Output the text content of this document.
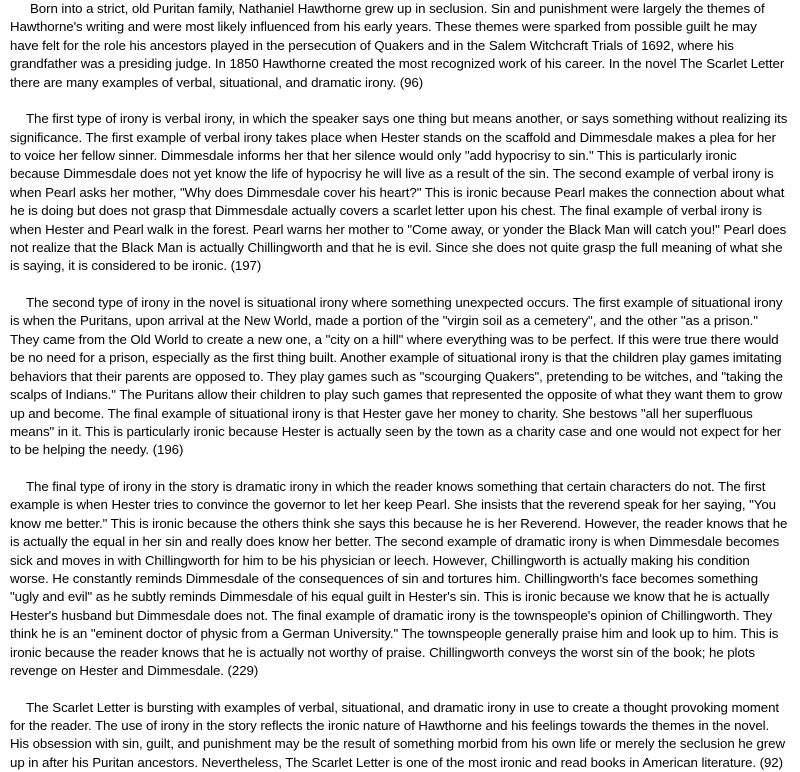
Born into a strict, old Puritan family, Nathaniel Hawthorne grew up in seclusion. Sin and punishment were largely the themes of Hawthorne's writing and were most likely influenced from his early years. These themes were sparked from possible guilt he may have felt for the role his ancestors played in the persecution of Quakers and in the Salem Witchcraft Trials of 1692, where his grandfather was a presiding judge. In 1850 Hawthorne created the most recognized work of his career. In the novel The Scarlet Letter there are many examples of verbal, situational, and dramatic irony. (96)

The first type of irony is verbal irony, in which the speaker says one thing but means another, or says something without realizing its significance. The first example of verbal irony takes place when Hester stands on the scaffold and Dimmesdale makes a plea for her to voice her fellow sinner. Dimmesdale informs her that her silence would only "add hypocrisy to sin." This is particularly ironic because Dimmesdale does not yet know the life of hypocrisy he will live as a result of the sin. The second example of verbal irony is when Pearl asks her mother, "Why does Dimmesdale cover his heart?" This is ironic because Pearl makes the connection about what he is doing but does not grasp that Dimmesdale actually covers a scarlet letter upon his chest. The final example of verbal irony is when Hester and Pearl walk in the forest. Pearl warns her mother to "Come away, or yonder the Black Man will catch you!" Pearl does not realize that the Black Man is actually Chillingworth and that he is evil. Since she does not quite grasp the full meaning of what she is saying, it is considered to be ironic. (197)

The second type of irony in the novel is situational irony where something unexpected occurs. The first example of situational irony is when the Puritans, upon arrival at the New World, made a portion of the "virgin soil as a cemetery", and the other "as a prison." They came from the Old World to create a new one, a "city on a hill" where everything was to be perfect. If this were true there would be no need for a prison, especially as the first thing built. Another example of situational irony is that the children play games imitating behaviors that their parents are opposed to. They play games such as "scourging Quakers", pretending to be witches, and "taking the scalps of Indians." The Puritans allow their children to play such games that represented the opposite of what they want them to grow up and become. The final example of situational irony is that Hester gave her money to charity. She bestows "all her superfluous means" in it. This is particularly ironic because Hester is actually seen by the town as a charity case and one would not expect for her to be helping the needy. (196)

The final type of irony in the story is dramatic irony in which the reader knows something that certain characters do not. The first example is when Hester tries to convince the governor to let her keep Pearl. She insists that the reverend speak for her saying, "You know me better." This is ironic because the others think she says this because he is her Reverend. However, the reader knows that he is actually the equal in her sin and really does know her better. The second example of dramatic irony is when Dimmesdale becomes sick and moves in with Chillingworth for him to be his physician or leech. However, Chillingworth is actually making his condition worse. He constantly reminds Dimmesdale of the consequences of sin and tortures him. Chillingworth's face becomes something "ugly and evil" as he subtly reminds Dimmesdale of his equal guilt in Hester's sin. This is ironic because we know that he is actually Hester's husband but Dimmesdale does not. The final example of dramatic irony is the townspeople's opinion of Chillingworth. They think he is an "eminent doctor of physic from a German University." The townspeople generally praise him and look up to him. This is ironic because the reader knows that he is actually not worthy of praise. Chillingworth conveys the worst sin of the book; he plots revenge on Hester and Dimmesdale. (229)

The Scarlet Letter is bursting with examples of verbal, situational, and dramatic irony in use to create a thought provoking moment for the reader. The use of irony in the story reflects the ironic nature of Hawthorne and his feelings towards the themes in the novel. His obsession with sin, guilt, and punishment may be the result of something morbid from his own life or merely the seclusion he grew up in after his Puritan ancestors. Nevertheless, The Scarlet Letter is one of the most ironic and read books in American literature. (92)
